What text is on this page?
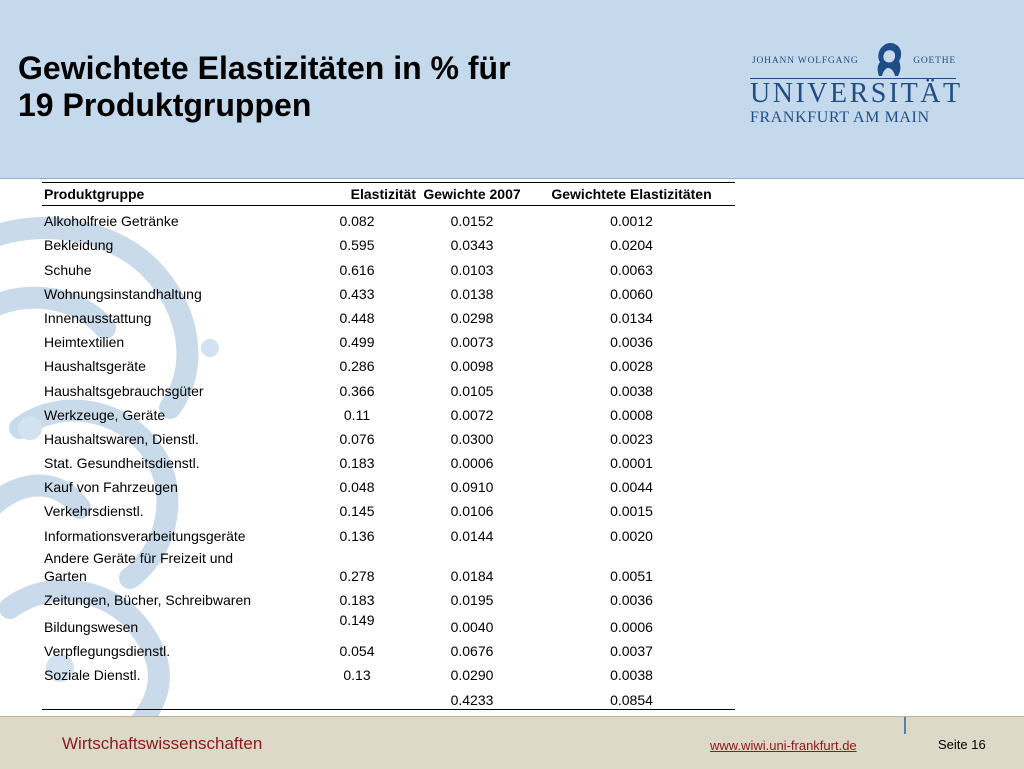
Gewichtete Elastizitäten in % für
19 Produktgruppen
JOHANN WOLFGANG	GOETHE
UNIVERSITÄT
FRANKFURT AM MAIN
Produktgruppe	Elastizität	Gewichte 2007	Gewichtete Elastizitäten
Alkoholfreie Getränke	0.082	0.0152	0.0012
Bekleidung	0.595	0.0343	0.0204
Schuhe	0.616	0.0103	0.0063
Wohnungsinstandhaltung	0.433	0.0138	0.0060
Innenausstattung	0.448	0.0298	0.0134
Heimtextilien	0.499	0.0073	0.0036
Haushaltsgeräte	0.286	0.0098	0.0028
Haushaltsgebrauchsgüter	0.366	0.0105	0.0038
Werkzeuge, Geräte	0.11	0.0072	0.0008
Haushaltswaren, Dienstl.	0.076	0.0300	0.0023
Stat. Gesundheitsdienstl.	0.183	0.0006	0.0001
Kauf von Fahrzeugen	0.048	0.0910	0.0044
Verkehrsdienstl.	0.145	0.0106	0.0015
Informationsverarbeitungsgeräte	0.136	0.0144	0.0020

Andere Geräte für Freizeit und
Garten	0.278	0.0184	0.0051
Zeitungen, Bücher, Schreibwaren	0.183	0.0195	0.0036
Bildungswesen	0.149	0.0040	0.0006
Verpflegungsdienstl.	0.054	0.0676	0.0037
Soziale Dienstl.	0.13	0.0290	0.0038
		0.4233	0.0854
Wirtschaftswissenschaften	www.wiwi.uni-frankfurt.de	Seite 16
